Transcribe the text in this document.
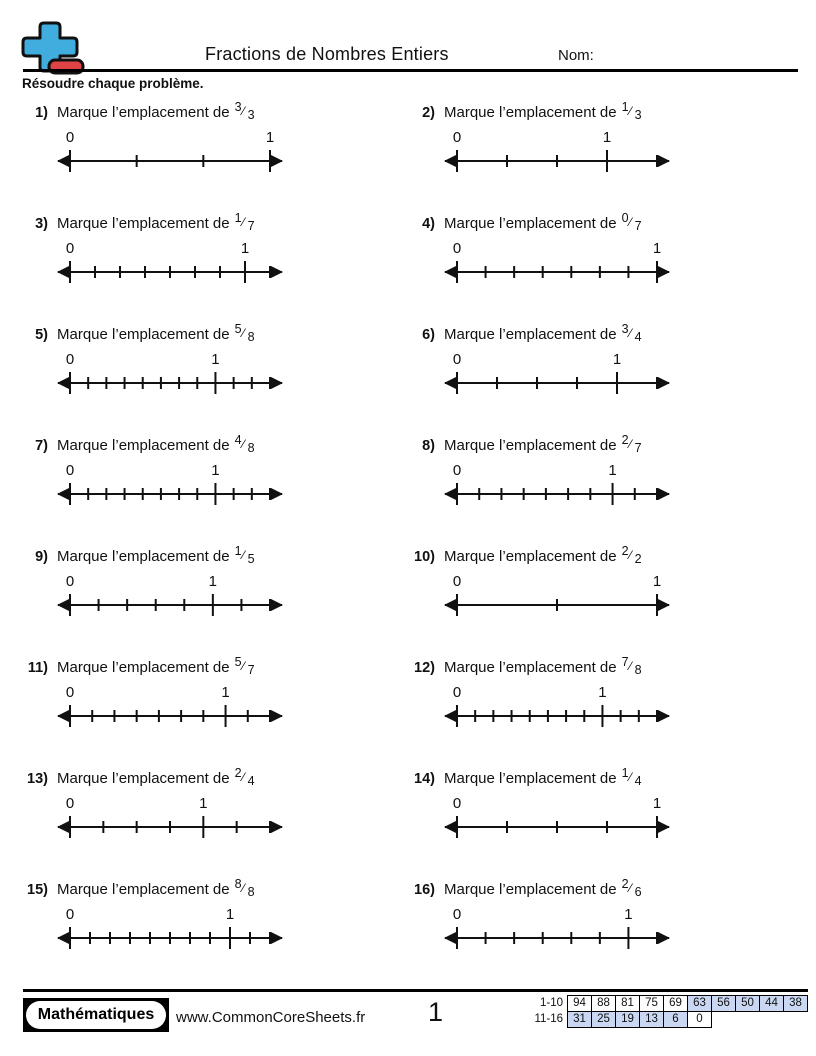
Fractions de Nombres Entiers	Nom:
Résoudre chaque problème.
1) Marque l’emplacement de $^3$⁄ 3
0	1
2) Marque l’emplacement de $^1$⁄ 3
0	1
3) Marque l’emplacement de $^1$⁄ 7
0	1
4) Marque l’emplacement de $^0$⁄ 7
0	1
5) Marque l’emplacement de $^5$⁄ 8
0	1
6) Marque l’emplacement de $^3$⁄ 4
0	1
7) Marque l’emplacement de $^4$⁄ 8
0	1
8) Marque l’emplacement de $^2$⁄ 7
0	1
9) Marque l’emplacement de $^1$⁄ 5
0	1
10) Marque l’emplacement de $^2$⁄ 2
0	1
11) Marque l’emplacement de $^5$⁄ 7
0	1
12) Marque l’emplacement de $^7$⁄ 8
0	1
13) Marque l’emplacement de $^2$⁄ 4
0	1
14) Marque l’emplacement de $^1$⁄ 4
0	1
15) Marque l’emplacement de $^8$⁄ 8
0	1
16) Marque l’emplacement de $^2$⁄ 6
0	1
Mathématiques	www.CommonCoreSheets.fr 1	1-10 94 88 81 75 69 63 56 50 44 38
11-16 31 25 19 13	6	0
